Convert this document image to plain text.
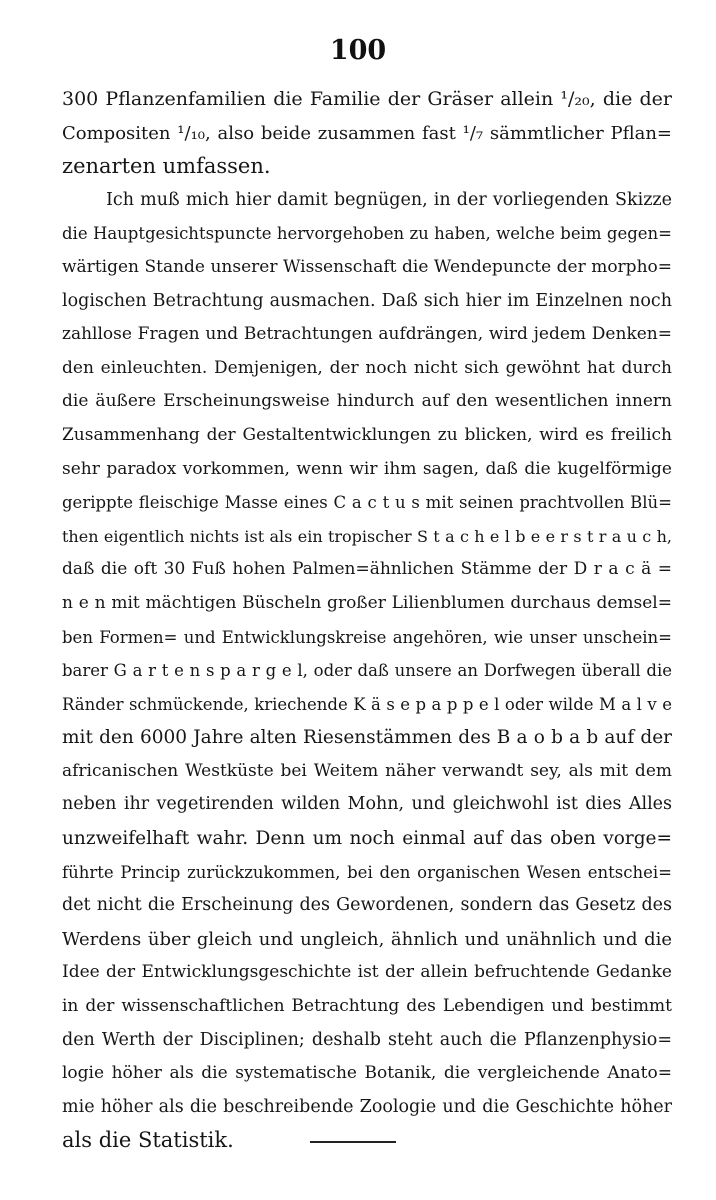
100
300 Pflanzenfamilien die Familie der Gräser allein ¹/₂₀, die der
Compositen ¹/₁₀, also beide zusammen fast ¹/₇ sämmtlicher Pflan=
zenarten umfassen.
Ich muß mich hier damit begnügen, in der vorliegenden Skizze
die Hauptgesichtspuncte hervorgehoben zu haben, welche beim gegen=
wärtigen Stande unserer Wissenschaft die Wendepuncte der morpho=
logischen Betrachtung ausmachen. Daß sich hier im Einzelnen noch
zahllose Fragen und Betrachtungen aufdrängen, wird jedem Denken=
den einleuchten. Demjenigen, der noch nicht sich gewöhnt hat durch
die äußere Erscheinungsweise hindurch auf den wesentlichen innern
Zusammenhang der Gestaltentwicklungen zu blicken, wird es freilich
sehr paradox vorkommen, wenn wir ihm sagen, daß die kugelförmige
gerippte fleischige Masse eines C a c t u s mit seinen prachtvollen Blü=
then eigentlich nichts ist als ein tropischer S t a c h e l b e e r s t r a u c h,
daß die oft 30 Fuß hohen Palmen=ähnlichen Stämme der D r a c ä =
n e n mit mächtigen Büscheln großer Lilienblumen durchaus demsel=
ben Formen= und Entwicklungskreise angehören, wie unser unschein=
barer G a r t e n s p a r g e l, oder daß unsere an Dorfwegen überall die
Ränder schmückende, kriechende K ä s e p a p p e l oder wilde M a l v e
mit den 6000 Jahre alten Riesenstämmen des B a o b a b auf der
africanischen Westküste bei Weitem näher verwandt sey, als mit dem
neben ihr vegetirenden wilden Mohn, und gleichwohl ist dies Alles
unzweifelhaft wahr. Denn um noch einmal auf das oben vorge=
führte Princip zurückzukommen, bei den organischen Wesen entschei=
det nicht die Erscheinung des Gewordenen, sondern das Gesetz des
Werdens über gleich und ungleich, ähnlich und unähnlich und die
Idee der Entwicklungsgeschichte ist der allein befruchtende Gedanke
in der wissenschaftlichen Betrachtung des Lebendigen und bestimmt
den Werth der Disciplinen; deshalb steht auch die Pflanzenphysio=
logie höher als die systematische Botanik, die vergleichende Anato=
mie höher als die beschreibende Zoologie und die Geschichte höher
als die Statistik.
